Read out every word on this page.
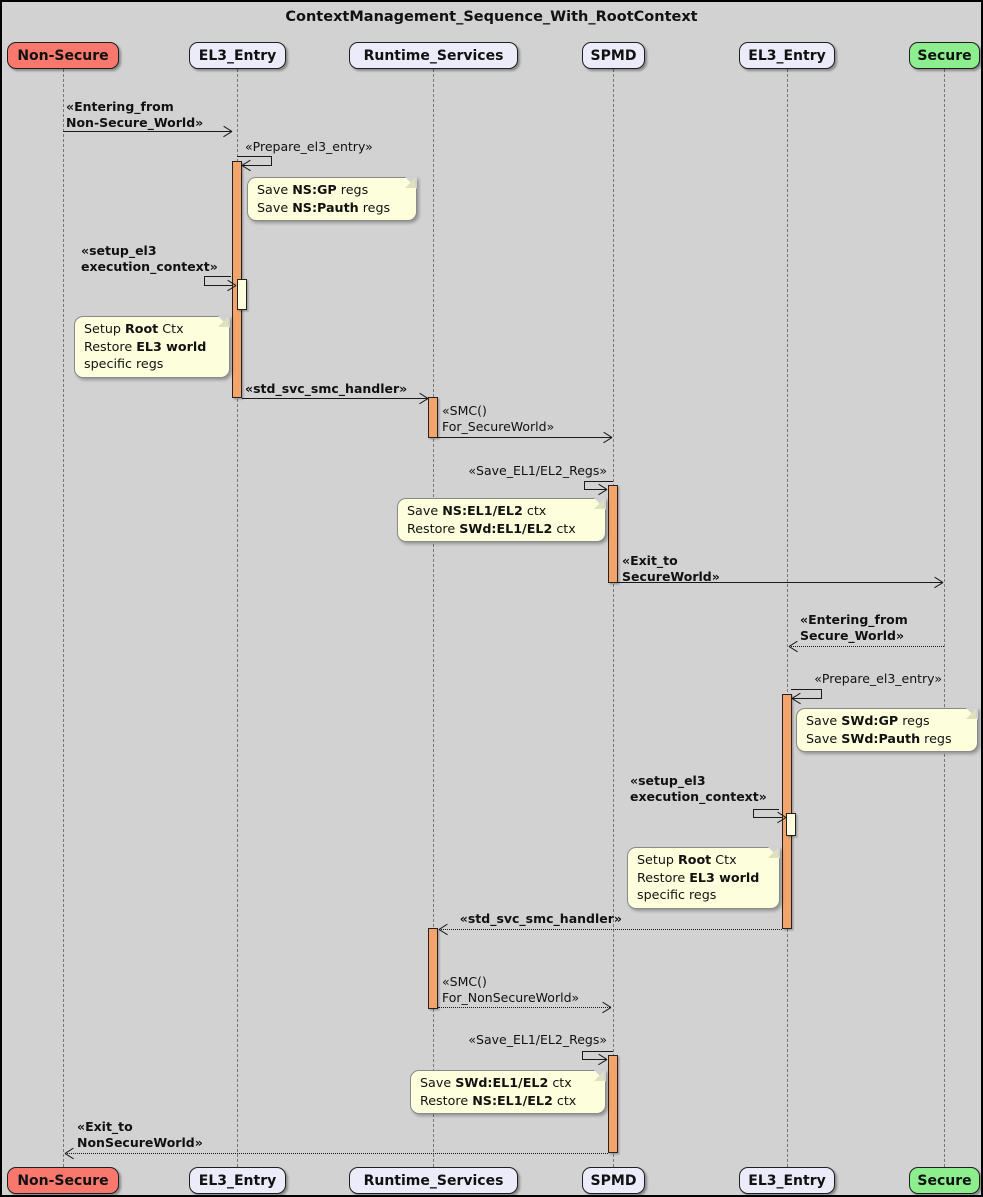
ContextManagement_Sequence_With_RootContext
Non-Secure	EL3_Entry	Runtime_Services	SPMD	EL3_Entry	Secure
«Entering_from
Non-Secure_World»
«Prepare_el3_entry»
Save NS:GP regs
Save NS:Pauth regs
«setup_el3
execution_context»
Setup Root Ctx
Restore EL3 world
specific regs
«std_svc_smc_handler»
«SMC()
For_SecureWorld»
«Save_EL1/EL2_Regs»
Save NS:EL1/EL2 ctx
Restore SWd:EL1/EL2 ctx
«Exit_to
SecureWorld»
«Entering_from
Secure_World»
«Prepare_el3_entry»
Save SWd:GP regs
Save SWd:Pauth regs
«setup_el3
execution_context»
Setup Root Ctx
Restore EL3 world
specific regs
«std_svc_smc_handler»
«SMC()
For_NonSecureWorld»
«Save_EL1/EL2_Regs»
Save SWd:EL1/EL2 ctx
Restore NS:EL1/EL2 ctx
«Exit_to
NonSecureWorld»
Non-Secure	EL3_Entry	Runtime_Services	SPMD	EL3_Entry	Secure
